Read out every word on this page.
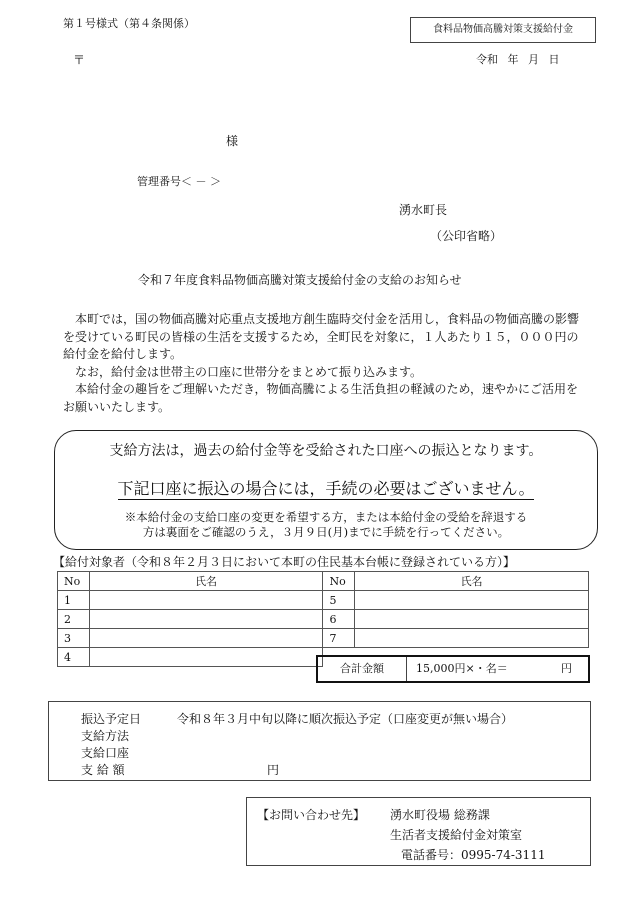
第１号様式（第４条関係）	食料品物価高騰対策支援給付金
〒	令和 年 月 日
様
管理番号＜ － ＞
湧水町長
（公印省略）
令和７年度食料品物価高騰対策支援給付金の支給のお知らせ

本町では，国の物価高騰対応重点支援地方創生臨時交付金を活用し，食料品の物価高騰の影響を受けている町民の皆様の生活を支援するため，全町民を対象に，１人あたり１５，０００円の給付金を給付します。

なお，給付金は世帯主の口座に世帯分をまとめて振り込みます。

本給付金の趣旨をご理解いただき，物価高騰による生活負担の軽減のため，速やかにご活用をお願いいたします。

支給方法は，過去の給付金等を受給された口座への振込となります。
下記口座に振込の場合には，手続の必要はございません。
※本給付金の支給口座の変更を希望する方，または本給付金の受給を辞退する
方は裏面をご確認のうえ，３月９日(月)までに手続を行ってください。
【給付対象者（令和８年２月３日において本町の住民基本台帳に登録されている方）】
No	氏名	No	氏名
1		5	
2		6	
3		7	
4			
合計金額	15,000円×・名＝	円
振込予定日	令和８年３月中旬以降に順次振込予定（口座変更が無い場合）
支給方法
支給口座
支 給 額	円
【お問い合わせ先】 湧水町役場 総務課
生活者支援給付金対策室
電話番号：0995-74-3111
